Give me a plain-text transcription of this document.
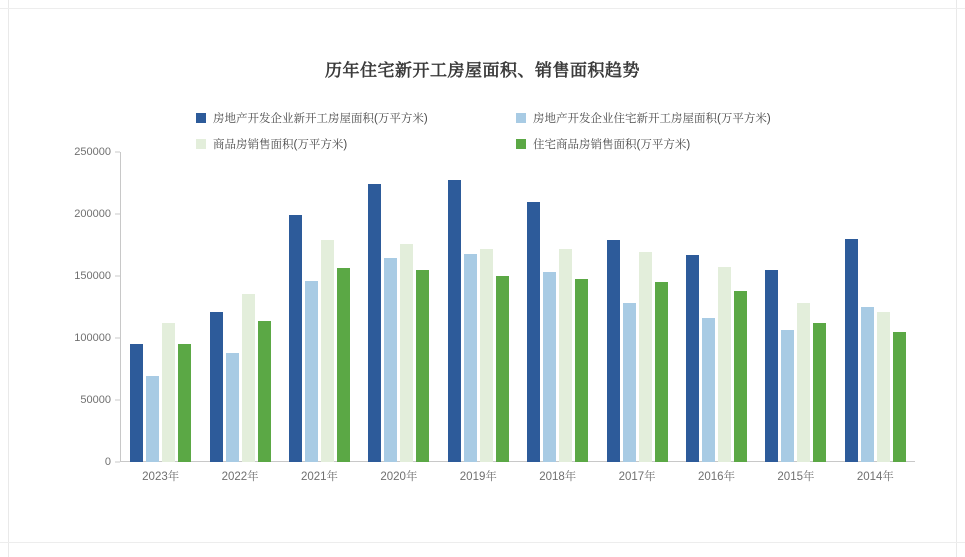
历年住宅新开工房屋面积、销售面积趋势
房地产开发企业新开工房屋面积(万平方米)	房地产开发企业住宅新开工房屋面积(万平方米)
商品房销售面积(万平方米)	住宅商品房销售面积(万平方米)
0
50000
100000
150000
200000
250000
2023年	2022年	2021年	2020年	2019年	2018年	2017年	2016年	2015年	2014年
